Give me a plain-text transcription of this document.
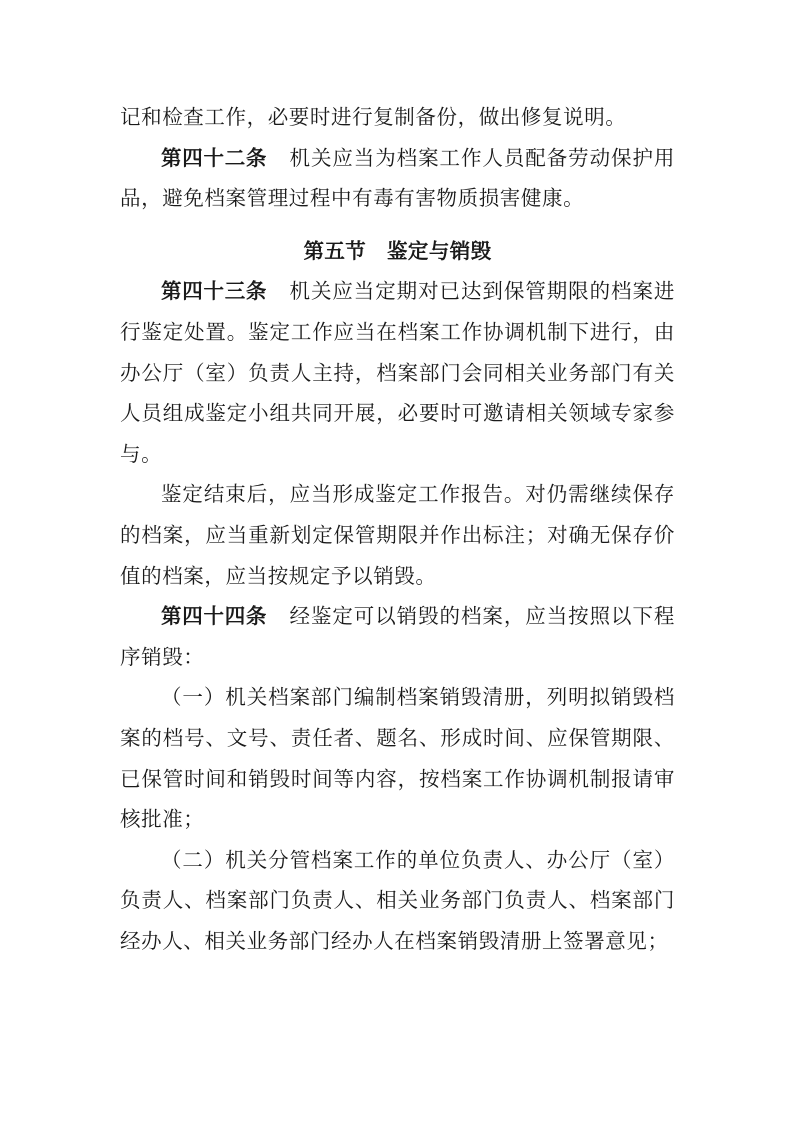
记和检查工作，必要时进行复制备份，做出修复说明。

第四十二条 机关应当为档案工作人员配备劳动保护用品，避免档案管理过程中有毒有害物质损害健康。

第五节　鉴定与销毁

第四十三条 机关应当定期对已达到保管期限的档案进行鉴定处置。鉴定工作应当在档案工作协调机制下进行，由办公厅（室）负责人主持，档案部门会同相关业务部门有关人员组成鉴定小组共同开展，必要时可邀请相关领域专家参与。

鉴定结束后，应当形成鉴定工作报告。对仍需继续保存的档案，应当重新划定保管期限并作出标注；对确无保存价值的档案，应当按规定予以销毁。

第四十四条 经鉴定可以销毁的档案，应当按照以下程序销毁：

（一）机关档案部门编制档案销毁清册，列明拟销毁档案的档号、文号、责任者、题名、形成时间、应保管期限、已保管时间和销毁时间等内容，按档案工作协调机制报请审核批准；

（二）机关分管档案工作的单位负责人、办公厅（室）负责人、档案部门负责人、相关业务部门负责人、档案部门经办人、相关业务部门经办人在档案销毁清册上签署意见；
